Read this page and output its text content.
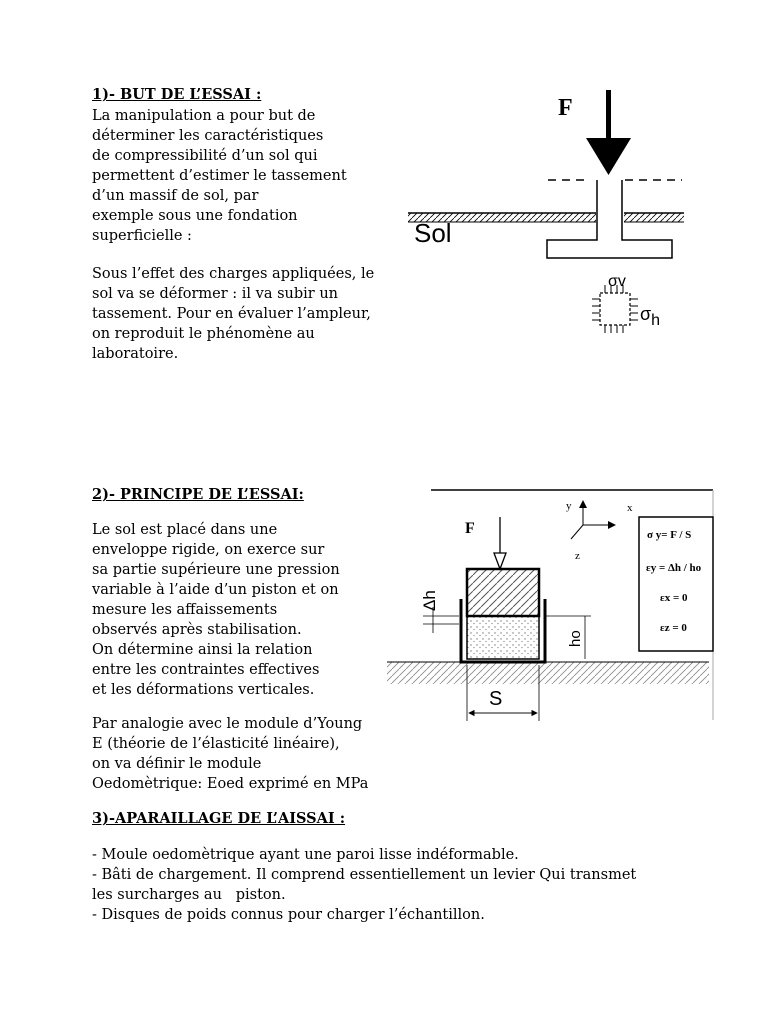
1)- BUT DE L’ESSAI :
La manipulation a pour but de
déterminer les caractéristiques
de compressibilité d’un sol qui
permettent d’estimer le tassement
d’un massif de sol, par
exemple sous une fondation
superficielle :
Sous l’effet des charges appliquées, le
sol va se déformer : il va subir un
tassement. Pour en évaluer l’ampleur,
on reproduit le phénomène au
laboratoire.
F
Sol
σv
σh
2)- PRINCIPE DE L’ESSAI:
Le sol est placé dans une
enveloppe rigide, on exerce sur
sa partie supérieure une pression
variable à l’aide d’un piston et on
mesure les affaissements
observés après stabilisation.
On détermine ainsi la relation
entre les contraintes effectives
et les déformations verticales.
Par analogie avec le module d’Young
E (théorie de l’élasticité linéaire),
on va définir le module
Oedomètrique: Eoed exprimé en MPa
y	x
z
σ y= F / S
εy = Δh / ho
εx = 0
εz = 0
F
Δh
ho
S
3)-APARAILLAGE DE L’AISSAI :
- Moule oedomètrique ayant une paroi lisse indéformable.
- Bâti de chargement. Il comprend essentiellement un levier Qui transmet
les surcharges au   piston.
- Disques de poids connus pour charger l’échantillon.
